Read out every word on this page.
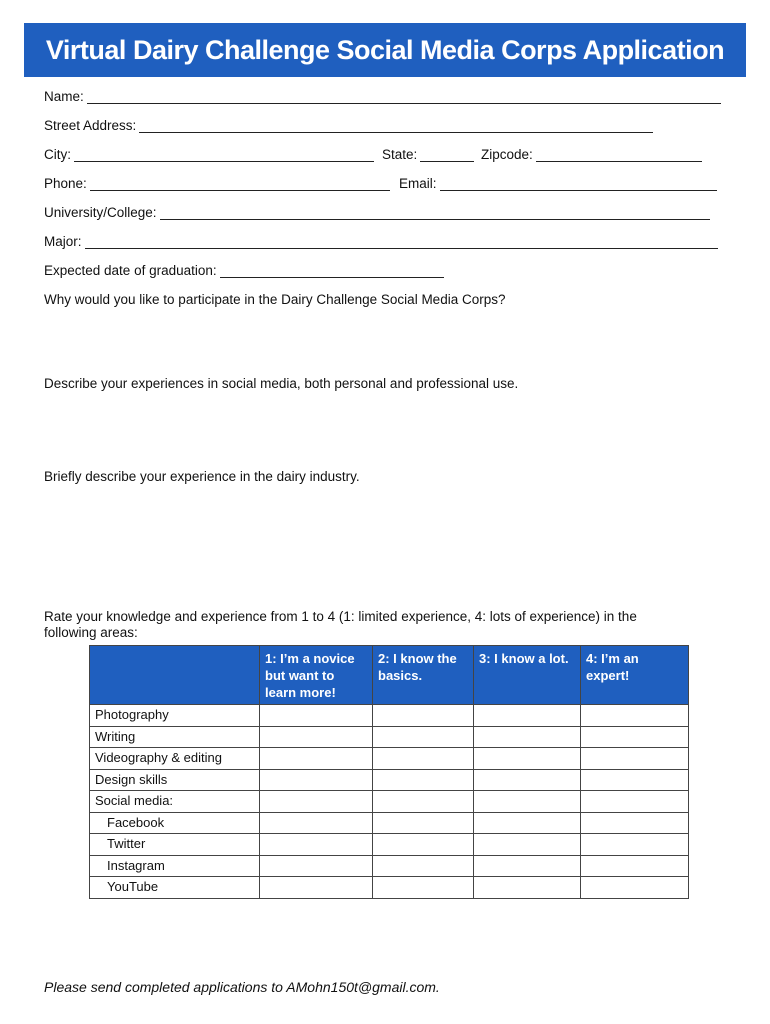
Virtual Dairy Challenge Social Media Corps Application
Name:
Street Address:
City:	State:	Zipcode:
Phone:	Email:
University/College:
Major:
Expected date of graduation:
Why would you like to participate in the Dairy Challenge Social Media Corps?
Describe your experiences in social media, both personal and professional use.
Briefly describe your experience in the dairy industry.
Rate your knowledge and experience from 1 to 4 (1: limited experience, 4: lots of experience) in the
following areas:
	1: I’m a novice but want to learn more!	2: I know the basics.	3: I know a lot.	4: I’m an expert!
Photography				
Writing				
Videography & editing				
Design skills				
Social media:				
Facebook				
Twitter				
Instagram				
YouTube				
Please send completed applications to AMohn150t@gmail.com.
